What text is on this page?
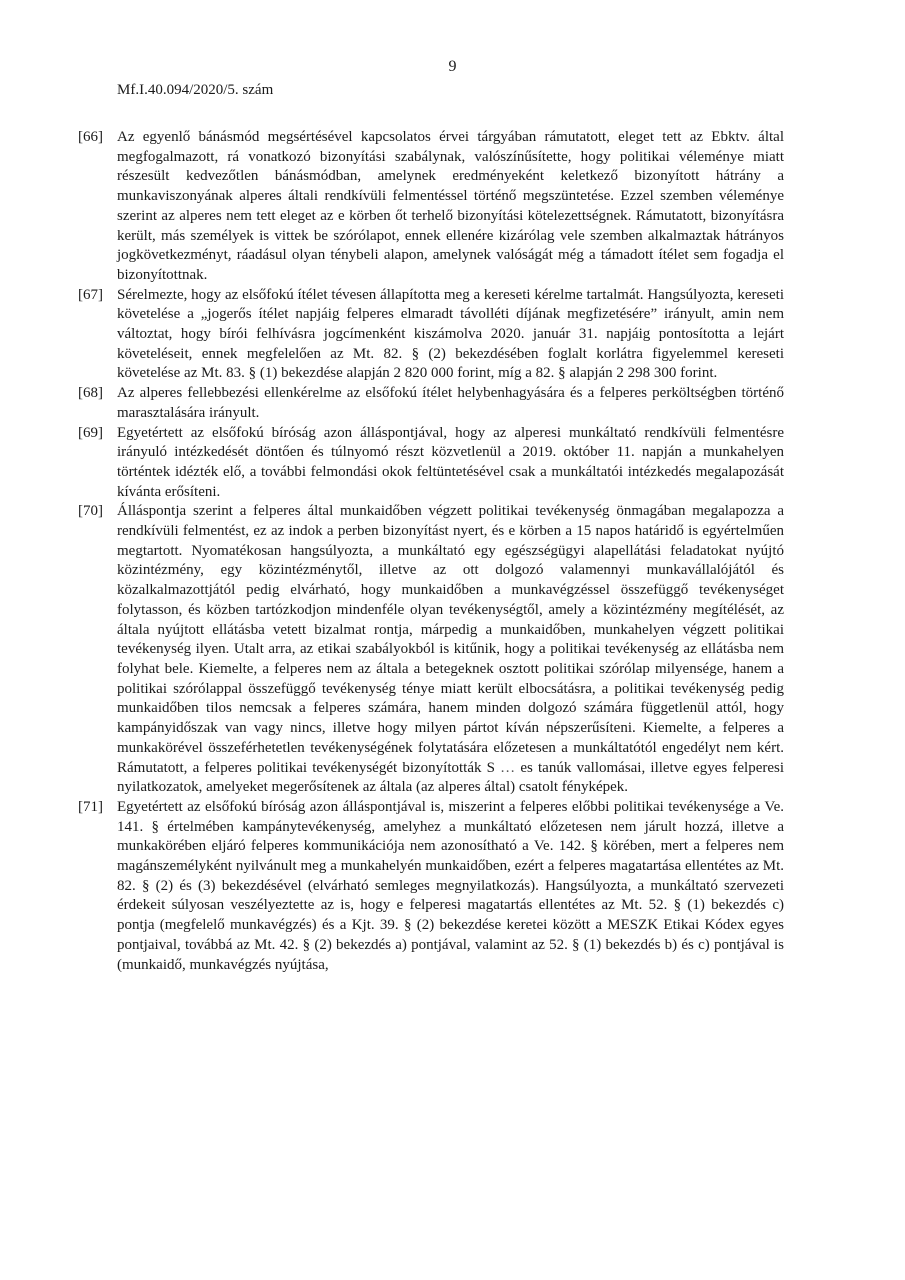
9
Mf.I.40.094/2020/5. szám
[66] Az egyenlő bánásmód megsértésével kapcsolatos érvei tárgyában rámutatott, eleget tett az Ebktv. által megfogalmazott, rá vonatkozó bizonyítási szabálynak, valószínűsítette, hogy politikai véleménye miatt részesült kedvezőtlen bánásmódban, amelynek eredményeként keletkező bizonyított hátrány a munkaviszonyának alperes általi rendkívüli felmentéssel történő megszüntetése. Ezzel szemben véleménye szerint az alperes nem tett eleget az e körben őt terhelő bizonyítási kötelezettségnek. Rámutatott, bizonyításra került, más személyek is vittek be szórólapot, ennek ellenére kizárólag vele szemben alkalmaztak hátrányos jogkövetkezményt, ráadásul olyan ténybeli alapon, amelynek valóságát még a támadott ítélet sem fogadja el bizonyítottnak.
[67] Sérelmezte, hogy az elsőfokú ítélet tévesen állapította meg a kereseti kérelme tartalmát. Hangsúlyozta, kereseti követelése a „jogerős ítélet napjáig felperes elmaradt távolléti díjának megfizetésére” irányult, amin nem változtat, hogy bírói felhívásra jogcímenként kiszámolva 2020. január 31. napjáig pontosította a lejárt követeléseit, ennek megfelelően az Mt. 82. § (2) bekezdésében foglalt korlátra figyelemmel kereseti követelése az Mt. 83. § (1) bekezdése alapján 2 820 000 forint, míg a 82. § alapján 2 298 300 forint.
[68] Az alperes fellebbezési ellenkérelme az elsőfokú ítélet helybenhagyására és a felperes perköltségben történő marasztalására irányult.
[69] Egyetértett az elsőfokú bíróság azon álláspontjával, hogy az alperesi munkáltató rendkívüli felmentésre irányuló intézkedését döntően és túlnyomó részt közvetlenül a 2019. október 11. napján a munkahelyen történtek idézték elő, a további felmondási okok feltüntetésével csak a munkáltatói intézkedés megalapozását kívánta erősíteni.
[70] Álláspontja szerint a felperes által munkaidőben végzett politikai tevékenység önmagában megalapozza a rendkívüli felmentést, ez az indok a perben bizonyítást nyert, és e körben a 15 napos határidő is egyértelműen megtartott. Nyomatékosan hangsúlyozta, a munkáltató egy egészségügyi alapellátási feladatokat nyújtó közintézmény, egy közintézménytől, illetve az ott dolgozó valamennyi munkavállalójától és közalkalmazottjától pedig elvárható, hogy munkaidőben a munkavégzéssel összefüggő tevékenységet folytasson, és közben tartózkodjon mindenféle olyan tevékenységtől, amely a közintézmény megítélését, az általa nyújtott ellátásba vetett bizalmat rontja, márpedig a munkaidőben, munkahelyen végzett politikai tevékenység ilyen. Utalt arra, az etikai szabályokból is kitűnik, hogy a politikai tevékenység az ellátásba nem folyhat bele. Kiemelte, a felperes nem az általa a betegeknek osztott politikai szórólap milyensége, hanem a politikai szórólappal összefüggő tevékenység ténye miatt került elbocsátásra, a politikai tevékenység pedig munkaidőben tilos nemcsak a felperes számára, hanem minden dolgozó számára függetlenül attól, hogy kampányidőszak van vagy nincs, illetve hogy milyen pártot kíván népszerűsíteni. Kiemelte, a felperes a munkakörével összeférhetetlen tevékenységének folytatására előzetesen a munkáltatótól engedélyt nem kért. Rámutatott, a felperes politikai tevékenységét bizonyították S … es tanúk vallomásai, illetve egyes felperesi nyilatkozatok, amelyeket megerősítenek az általa (az alperes által) csatolt fényképek.
[71] Egyetértett az elsőfokú bíróság azon álláspontjával is, miszerint a felperes előbbi politikai tevékenysége a Ve. 141. § értelmében kampánytevékenység, amelyhez a munkáltató előzetesen nem járult hozzá, illetve a munkakörében eljáró felperes kommunikációja nem azonosítható a Ve. 142. § körében, mert a felperes nem magánszemélyként nyilvánult meg a munkahelyén munkaidőben, ezért a felperes magatartása ellentétes az Mt. 82. § (2) és (3) bekezdésével (elvárható semleges megnyilatkozás). Hangsúlyozta, a munkáltató szervezeti érdekeit súlyosan veszélyeztette az is, hogy e felperesi magatartás ellentétes az Mt. 52. § (1) bekezdés c) pontja (megfelelő munkavégzés) és a Kjt. 39. § (2) bekezdése keretei között a MESZK Etikai Kódex egyes pontjaival, továbbá az Mt. 42. § (2) bekezdés a) pontjával, valamint az 52. § (1) bekezdés b) és c) pontjával is (munkaidő, munkavégzés nyújtása,
